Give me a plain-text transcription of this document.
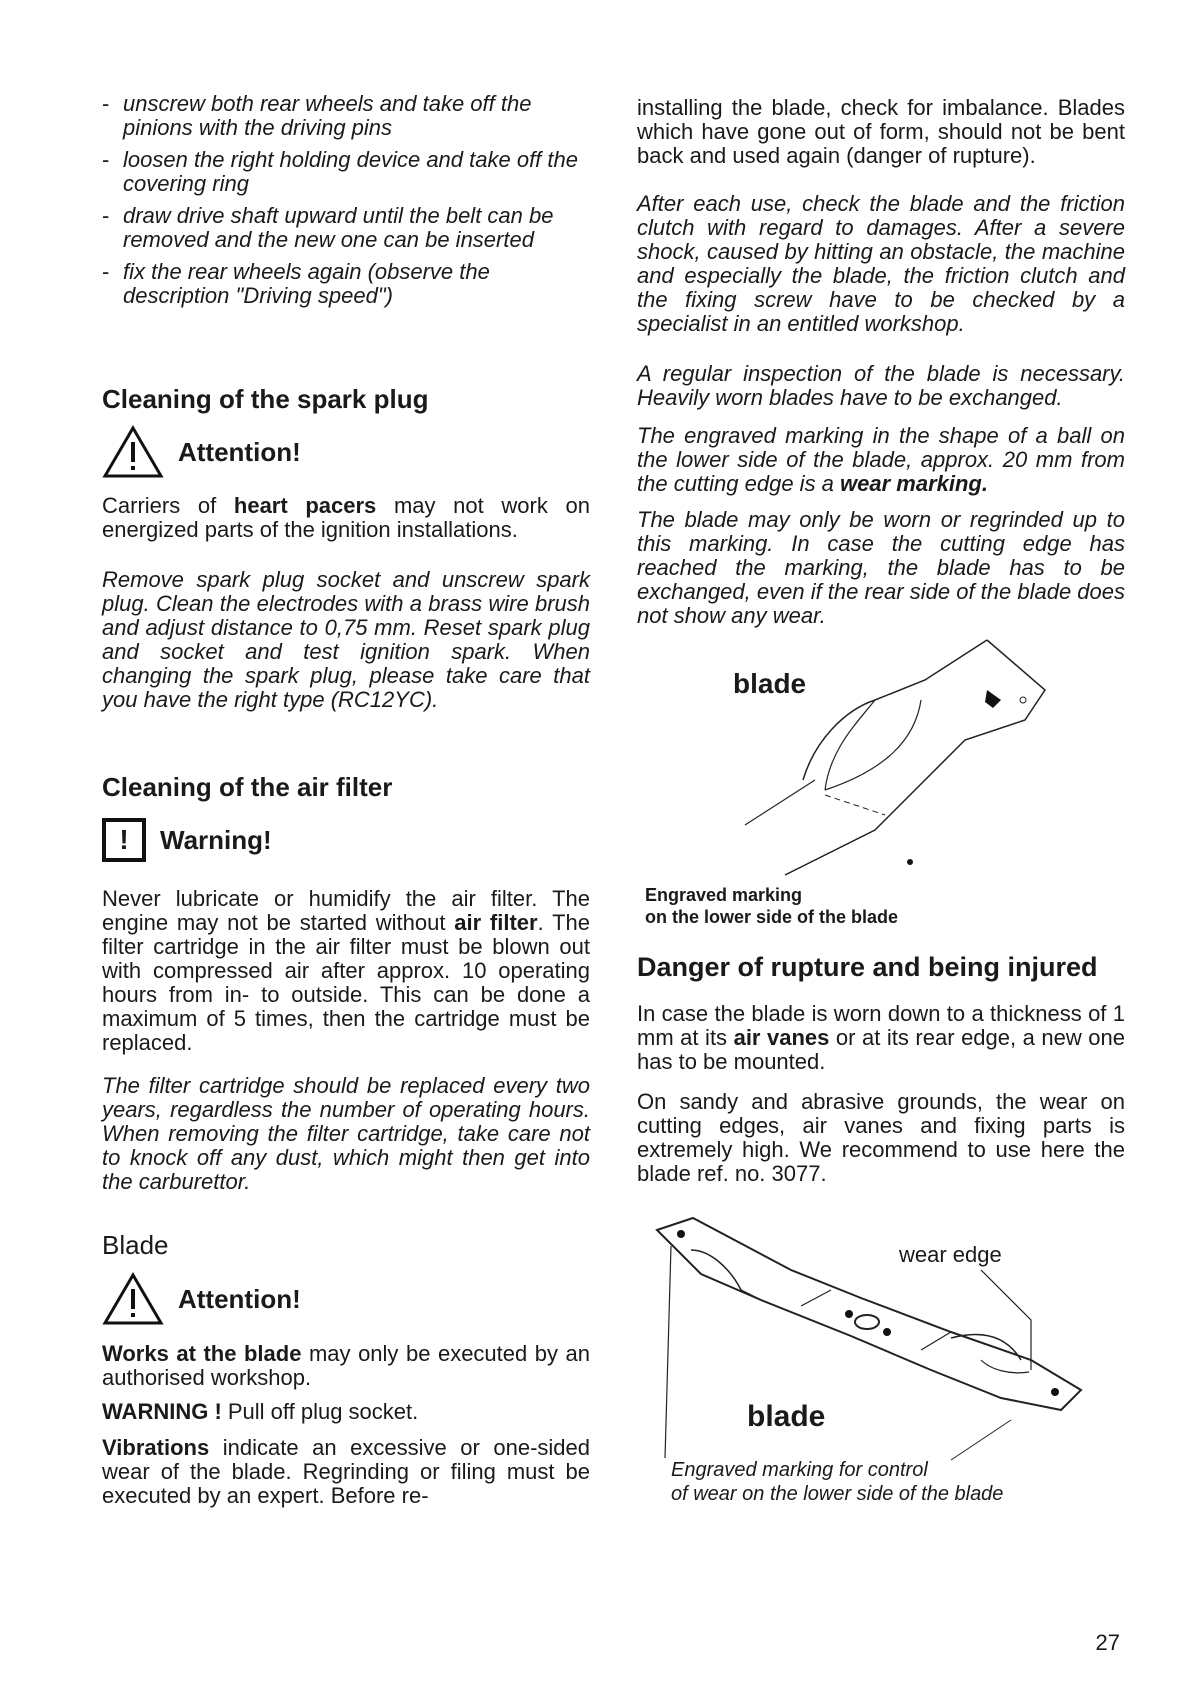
- unscrew both rear wheels and take off the pinions with the driving pins
- loosen the right holding device and take off the covering ring
- draw drive shaft upward until the belt can be removed and the new one can be inserted
- fix the rear wheels again (observe the description "Driving speed")
Cleaning of the spark plug
Attention!

Carriers of heart pacers may not work on energized parts of the ignition installations.

Remove spark plug socket and unscrew spark plug. Clean the electrodes with a brass wire brush and adjust distance to 0,75 mm. Reset spark plug and socket and test ignition spark. When changing the spark plug, please take care that you have the right type (RC12YC).

Cleaning of the air filter
! Warning!

Never lubricate or humidify the air filter. The engine may not be started without air filter. The filter cartridge in the air filter must be blown out with compressed air after approx. 10 operating hours from in- to outside. This can be done a maximum of 5 times, then the cartridge must be replaced.

The filter cartridge should be replaced every two years, regardless the number of operating hours. When removing the filter cartridge, take care not to knock off any dust, which might then get into the carburettor.

Blade
Attention!

Works at the blade may only be executed by an authorised workshop.

WARNING ! Pull off plug socket.

Vibrations indicate an excessive or one-sided wear of the blade. Regrinding or filing must be executed by an expert. Before re-

installing the blade, check for imbalance. Blades which have gone out of form, should not be bent back and used again (danger of rupture).

After each use, check the blade and the friction clutch with regard to damages. After a severe shock, caused by hitting an obstacle, the machine and especially the blade, the friction clutch and the fixing screw have to be checked by a specialist in an entitled workshop.

A regular inspection of the blade is necessary. Heavily worn blades have to be exchanged.

The engraved marking in the shape of a ball on the lower side of the blade, approx. 20 mm from the cutting edge is a wear marking.

The blade may only be worn or regrinded up to this marking. In case the cutting edge has reached the marking, the blade has to be exchanged, even if the rear side of the blade does not show any wear.

blade
Engraved marking
on the lower side of the blade
Danger of rupture and being injured

In case the blade is worn down to a thickness of 1 mm at its air vanes or at its rear edge, a new one has to be mounted.

On sandy and abrasive grounds, the wear on cutting edges, air vanes and fixing parts is extremely high. We recommend to use here the blade ref. no. 3077.

wear edge
blade
Engraved marking for control
of wear on the lower side of the blade
27
